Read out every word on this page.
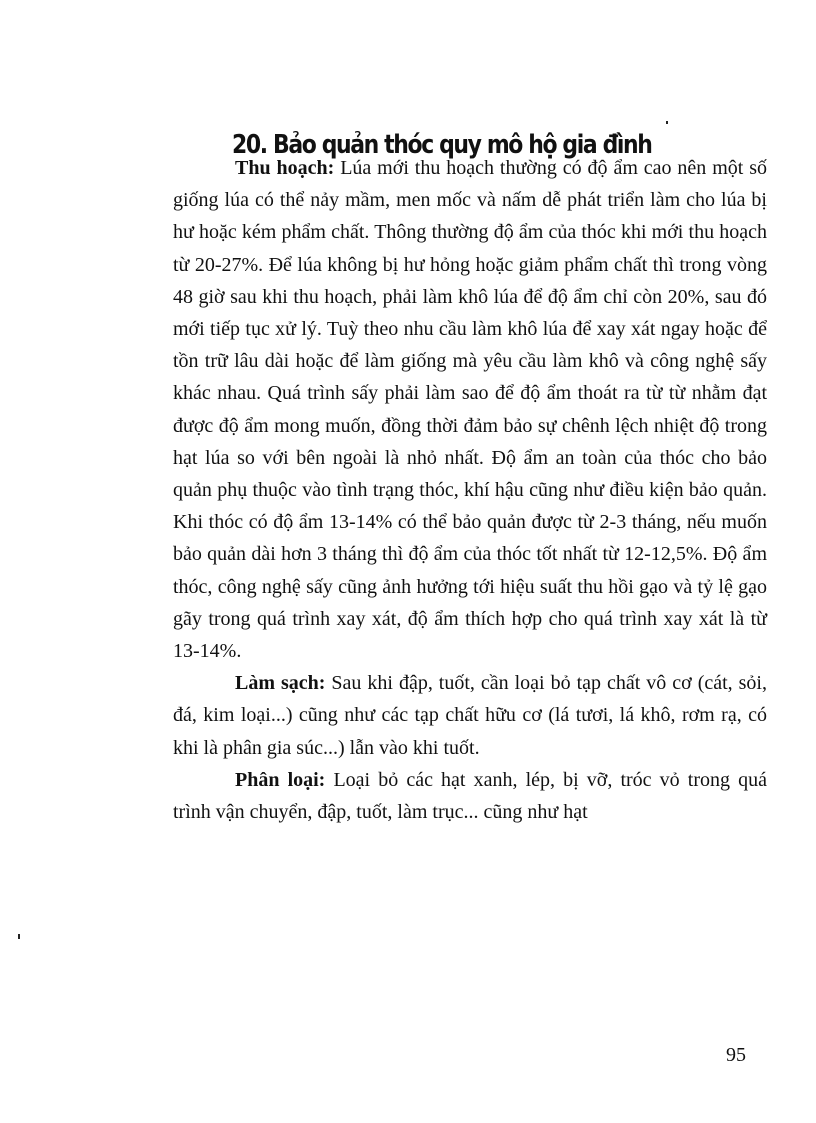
20. Bảo quản thóc quy mô hộ gia đình

Thu hoạch: Lúa mới thu hoạch thường có độ ẩm cao nên một số giống lúa có thể nảy mầm, men mốc và nấm dễ phát triển làm cho lúa bị hư hoặc kém phẩm chất. Thông thường độ ẩm của thóc khi mới thu hoạch từ 20-27%. Để lúa không bị hư hỏng hoặc giảm phẩm chất thì trong vòng 48 giờ sau khi thu hoạch, phải làm khô lúa để độ ẩm chỉ còn 20%, sau đó mới tiếp tục xử lý. Tuỳ theo nhu cầu làm khô lúa để xay xát ngay hoặc để tồn trữ lâu dài hoặc để làm giống mà yêu cầu làm khô và công nghệ sấy khác nhau. Quá trình sấy phải làm sao để độ ẩm thoát ra từ từ nhằm đạt được độ ẩm mong muốn, đồng thời đảm bảo sự chênh lệch nhiệt độ trong hạt lúa so với bên ngoài là nhỏ nhất. Độ ẩm an toàn của thóc cho bảo quản phụ thuộc vào tình trạng thóc, khí hậu cũng như điều kiện bảo quản. Khi thóc có độ ẩm 13-14% có thể bảo quản được từ 2-3 tháng, nếu muốn bảo quản dài hơn 3 tháng thì độ ẩm của thóc tốt nhất từ 12-12,5%. Độ ẩm thóc, công nghệ sấy cũng ảnh hưởng tới hiệu suất thu hồi gạo và tỷ lệ gạo gãy trong quá trình xay xát, độ ẩm thích hợp cho quá trình xay xát là từ 13-14%.

Làm sạch: Sau khi đập, tuốt, cần loại bỏ tạp chất vô cơ (cát, sỏi, đá, kim loại...) cũng như các tạp chất hữu cơ (lá tươi, lá khô, rơm rạ, có khi là phân gia súc...) lẫn vào khi tuốt.

Phân loại: Loại bỏ các hạt xanh, lép, bị vỡ, tróc vỏ trong quá trình vận chuyển, đập, tuốt, làm trục... cũng như hạt

95
